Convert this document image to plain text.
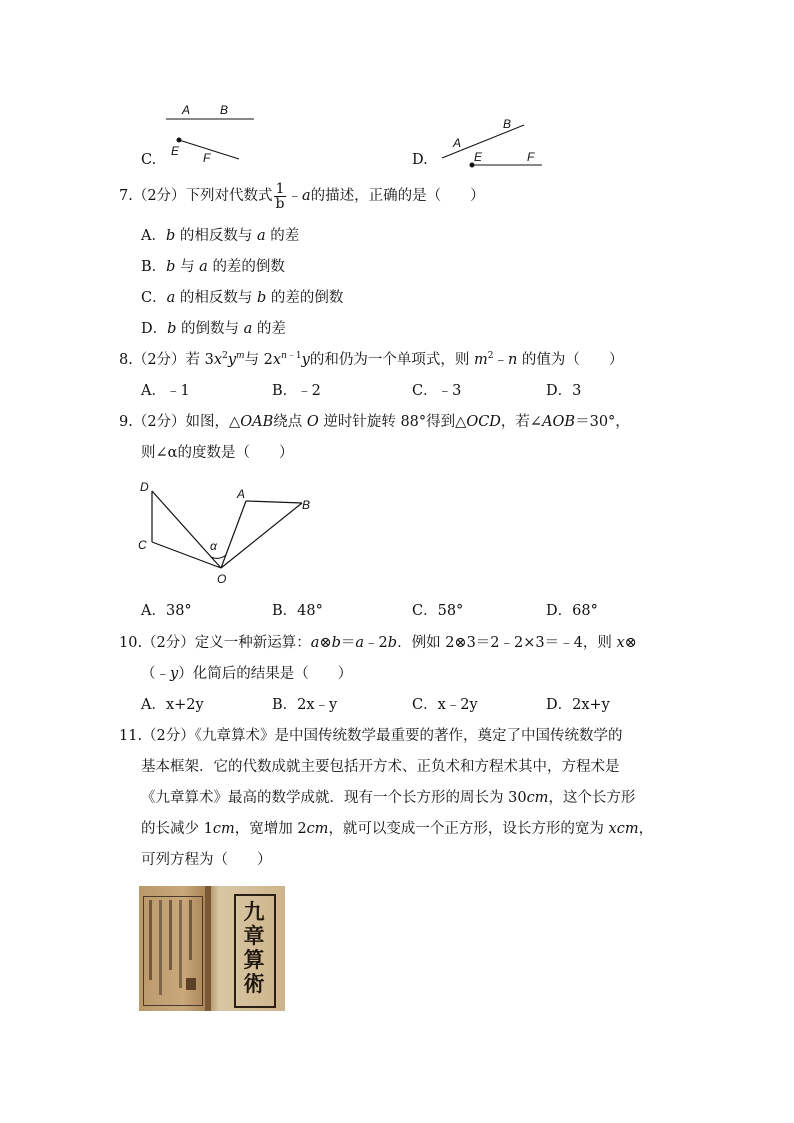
C.
A B
E F	D.
A
B
E	F
7.（2分）下列对代数式 $\frac{1}{b}$ ﹣a的描述，正确的是（　　）
A．b 的相反数与 a 的差
B．b 与 a 的差的倒数
C．a 的相反数与 b 的差的倒数
D．b 的倒数与 a 的差
8.（2分）若 $3x^2y^m$与 $2x^{n﹣1}y$的和仍为一个单项式，则 $m^2﹣n$ 的值为（　　）
A．﹣1	B．﹣2	C．﹣3	D．3
9.（2分）如图，△OAB绕点 O 逆时针旋转 88°得到△OCD，若∠AOB＝30°，
则∠α的度数是（　　）
D	A
B
C	α
O
A．38°	B．48°	C．58°	D．68°
10.（2分）定义一种新运算：a⊗b＝a﹣2b．例如 2⊗3＝2﹣2×3＝﹣4，则 x⊗
（﹣y）化简后的结果是（　　）
A．x+2y	B．2x﹣y	C．x﹣2y	D．2x+y
11.（2分）《九章算术》是中国传统数学最重要的著作，奠定了中国传统数学的
基本框架．它的代数成就主要包括开方术、正负术和方程术其中，方程术是
《九章算术》最高的数学成就．现有一个长方形的周长为 30cm，这个长方形
的长减少 1cm，宽增加 2cm，就可以变成一个正方形，设长方形的宽为 xcm，
可列方程为（　　）
九章算術
